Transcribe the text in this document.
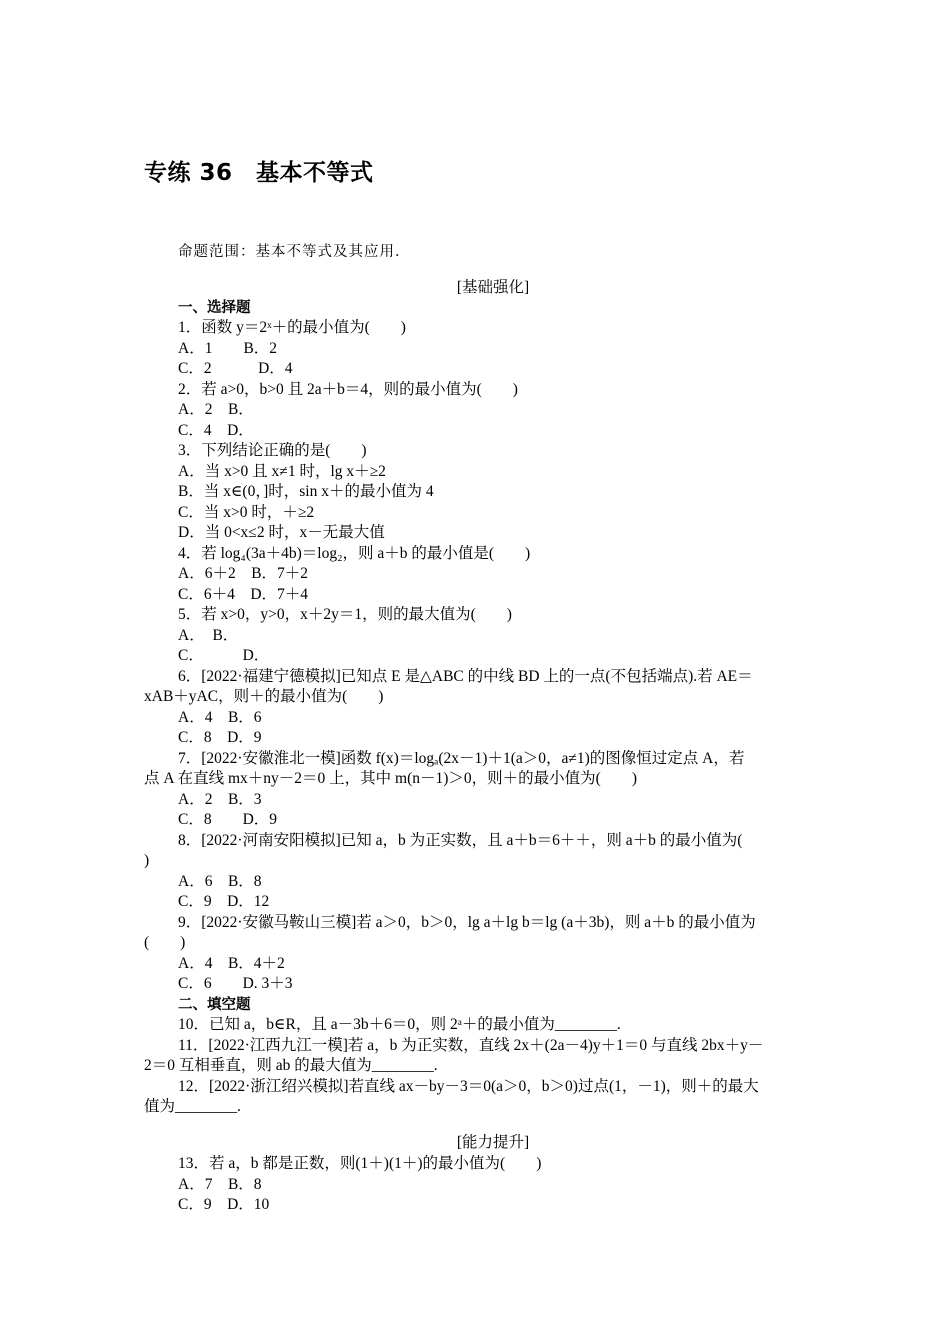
专练 36　基本不等式
命题范围：基本不等式及其应用．
[基础强化]
一、选择题
1．函数 y＝2ˣ＋的最小值为(　　)
A．1　　B．2
C．2　　　D．4
2．若 a>0，b>0 且 2a＋b＝4，则的最小值为(　　)
A．2　B．
C．4　D．
3．下列结论正确的是(　　)
A．当 x>0 且 x≠1 时，lg x＋≥2
B．当 x∈(0，]时，sin x＋的最小值为 4
C．当 x>0 时，＋≥2
D．当 0<x≤2 时，x－无最大值
4．若 log₄(3a＋4b)＝log₂，则 a＋b 的最小值是(　　)
A．6＋2　B．7＋2
C．6＋4　D．7＋4
5．若 x>0，y>0，x＋2y＝1，则的最大值为(　　)
A．　B．
C．　　　D．
6．[2022·福建宁德模拟]已知点 E 是△ABC 的中线 BD 上的一点(不包括端点).若 AE＝
xAB＋yAC，则＋的最小值为(　　)
A．4　B．6
C．8　D．9
7．[2022·安徽淮北一模]函数 f(x)＝logₐ(2x－1)＋1(a＞0，a≠1)的图像恒过定点 A，若
点 A 在直线 mx＋ny－2＝0 上，其中 m(n－1)＞0，则＋的最小值为(　　)
A．2　B．3
C．8　　D．9
8．[2022·河南安阳模拟]已知 a，b 为正实数，且 a＋b＝6＋＋，则 a＋b 的最小值为(
)
A．6　B．8
C．9　D．12
9．[2022·安徽马鞍山三模]若 a＞0，b＞0，lg a＋lg b＝lg (a＋3b)，则 a＋b 的最小值为
(　　)
A．4　B．4＋2
C．6　　D. 3＋3
二、填空题
10．已知 a，b∈R，且 a－3b＋6＝0，则 2ᵃ＋的最小值为________.
11．[2022·江西九江一模]若 a，b 为正实数，直线 2x＋(2a－4)y＋1＝0 与直线 2bx＋y－
2＝0 互相垂直，则 ab 的最大值为________.
12．[2022·浙江绍兴模拟]若直线 ax－by－3＝0(a＞0，b＞0)过点(1，－1)，则＋的最大
值为________.
[能力提升]
13．若 a，b 都是正数，则(1＋)(1＋)的最小值为(　　)
A．7　B．8
C．9　D．10
